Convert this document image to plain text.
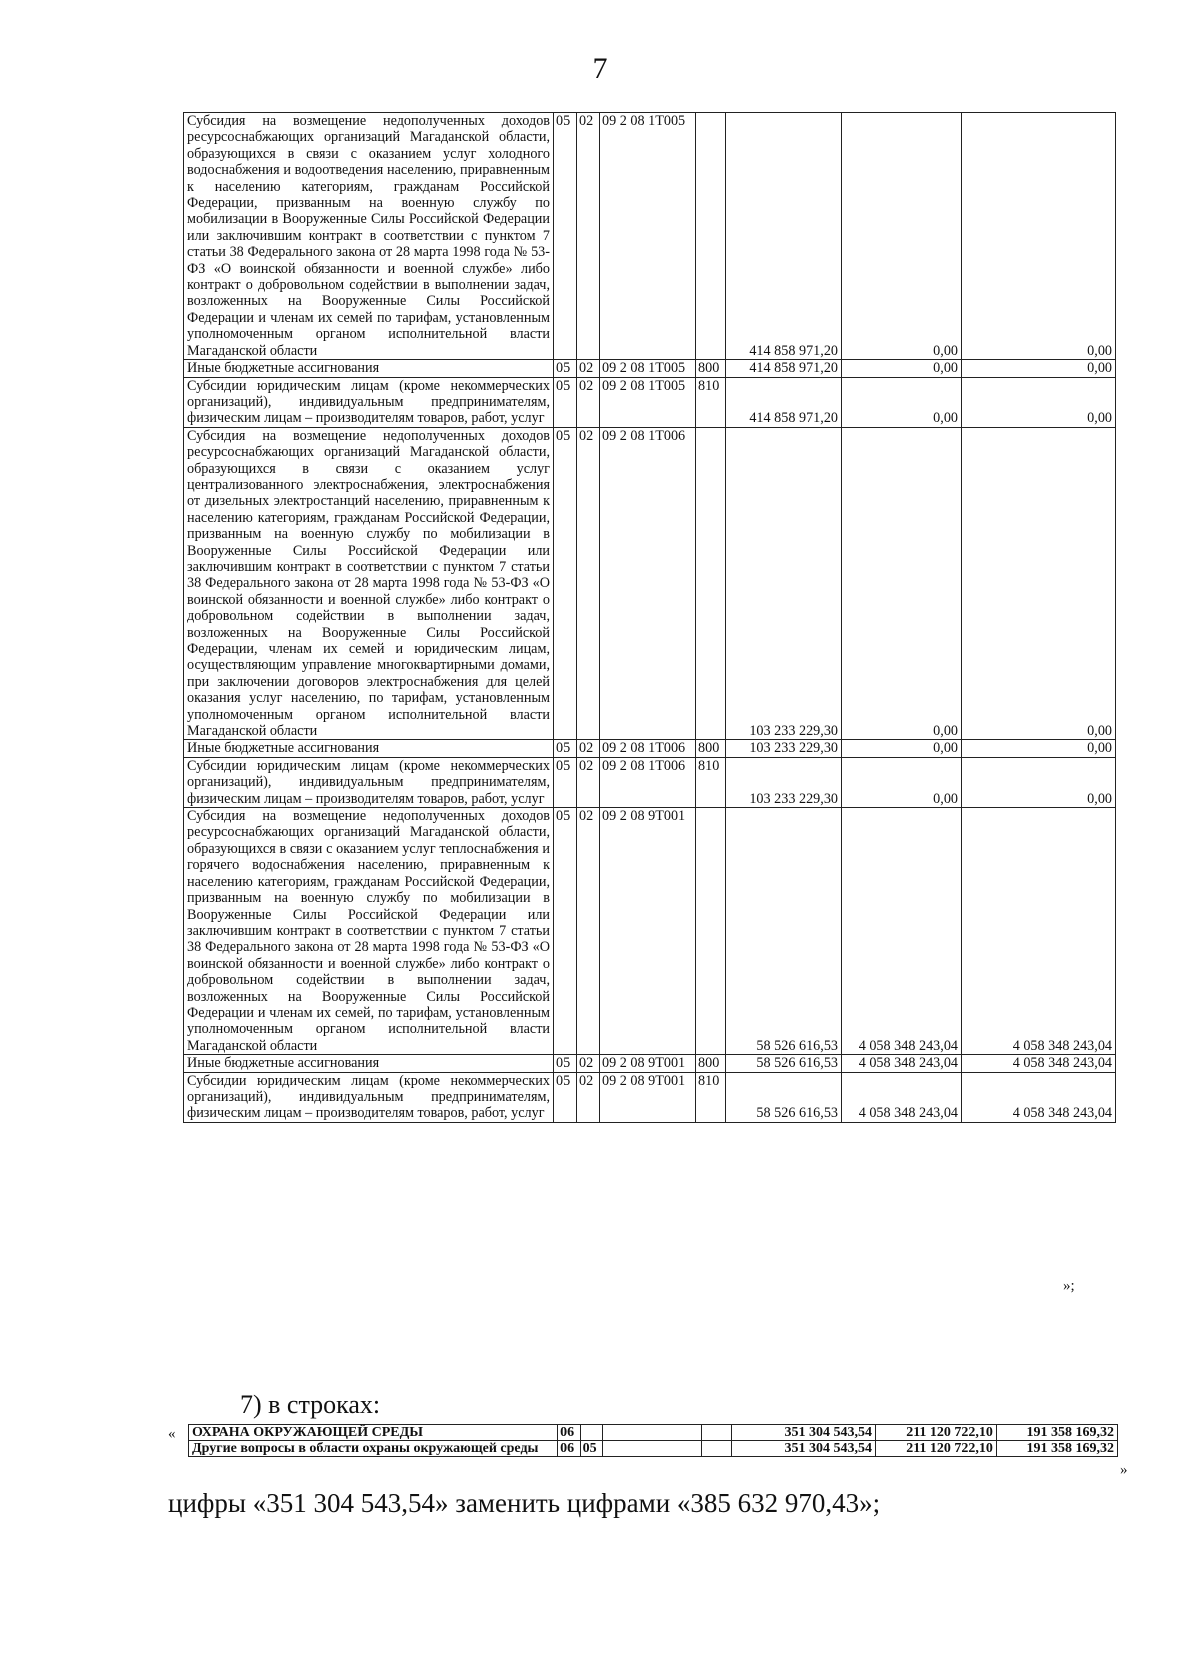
7
Субсидия на возмещение недополученных доходов ресурсоснабжающих организаций Магаданской области, образующихся в связи с оказанием услуг холодного водоснабжения и водоотведения населению, приравненным к населению категориям, гражданам Российской Федерации, призванным на военную службу по мобилизации в Вооруженные Силы Российской Федерации или заключившим контракт в соответствии с пунктом 7 статьи 38 Федерального закона от 28 марта 1998 года № 53-ФЗ «О воинской обязанности и военной службе» либо контракт о добровольном содействии в выполнении задач, возложенных на Вооруженные Силы Российской Федерации и членам их семей по тарифам, установленным уполномоченным органом исполнительной власти Магаданской области	05	02	09 2 08 1Т005		414 858 971,20	0,00	0,00
Иные бюджетные ассигнования	05	02	09 2 08 1Т005	800	414 858 971,20	0,00	0,00
Субсидии юридическим лицам (кроме некоммерческих организаций), индивидуальным предпринимателям, физическим лицам – производителям товаров, работ, услуг	05	02	09 2 08 1Т005	810	414 858 971,20	0,00	0,00
Субсидия на возмещение недополученных доходов ресурсоснабжающих организаций Магаданской области, образующихся в связи с оказанием услуг централизованного электроснабжения, электроснабжения от дизельных электростанций населению, приравненным к населению категориям, гражданам Российской Федерации, призванным на военную службу по мобилизации в Вооруженные Силы Российской Федерации или заключившим контракт в соответствии с пунктом 7 статьи 38 Федерального закона от 28 марта 1998 года № 53-ФЗ «О воинской обязанности и военной службе» либо контракт о добровольном содействии в выполнении задач, возложенных на Вооруженные Силы Российской Федерации, членам их семей и юридическим лицам, осуществляющим управление многоквартирными домами, при заключении договоров электроснабжения для целей оказания услуг населению, по тарифам, установленным уполномоченным органом исполнительной власти Магаданской области	05	02	09 2 08 1Т006		103 233 229,30	0,00	0,00
Иные бюджетные ассигнования	05	02	09 2 08 1Т006	800	103 233 229,30	0,00	0,00
Субсидии юридическим лицам (кроме некоммерческих организаций), индивидуальным предпринимателям, физическим лицам – производителям товаров, работ, услуг	05	02	09 2 08 1Т006	810	103 233 229,30	0,00	0,00
Субсидия на возмещение недополученных доходов ресурсоснабжающих организаций Магаданской области, образующихся в связи с оказанием услуг теплоснабжения и горячего водоснабжения населению, приравненным к населению категориям, гражданам Российской Федерации, призванным на военную службу по мобилизации в Вооруженные Силы Российской Федерации или заключившим контракт в соответствии с пунктом 7 статьи 38 Федерального закона от 28 марта 1998 года № 53-ФЗ «О воинской обязанности и военной службе» либо контракт о добровольном содействии в выполнении задач, возложенных на Вооруженные Силы Российской Федерации и членам их семей, по тарифам, установленным уполномоченным органом исполнительной власти Магаданской области	05	02	09 2 08 9Т001		58 526 616,53	4 058 348 243,04	4 058 348 243,04
Иные бюджетные ассигнования	05	02	09 2 08 9Т001	800	58 526 616,53	4 058 348 243,04	4 058 348 243,04
Субсидии юридическим лицам (кроме некоммерческих организаций), индивидуальным предпринимателям, физическим лицам – производителям товаров, работ, услуг	05	02	09 2 08 9Т001	810	58 526 616,53	4 058 348 243,04	4 058 348 243,04
»;
7) в строках:
« ОХРАНА ОКРУЖАЮЩЕЙ СРЕДЫ	06				351 304 543,54	211 120 722,10	191 358 169,32
Другие вопросы в области охраны окружающей среды	06	05			351 304 543,54	211 120 722,10	191 358 169,32
»
цифры «351 304 543,54» заменить цифрами «385 632 970,43»;
